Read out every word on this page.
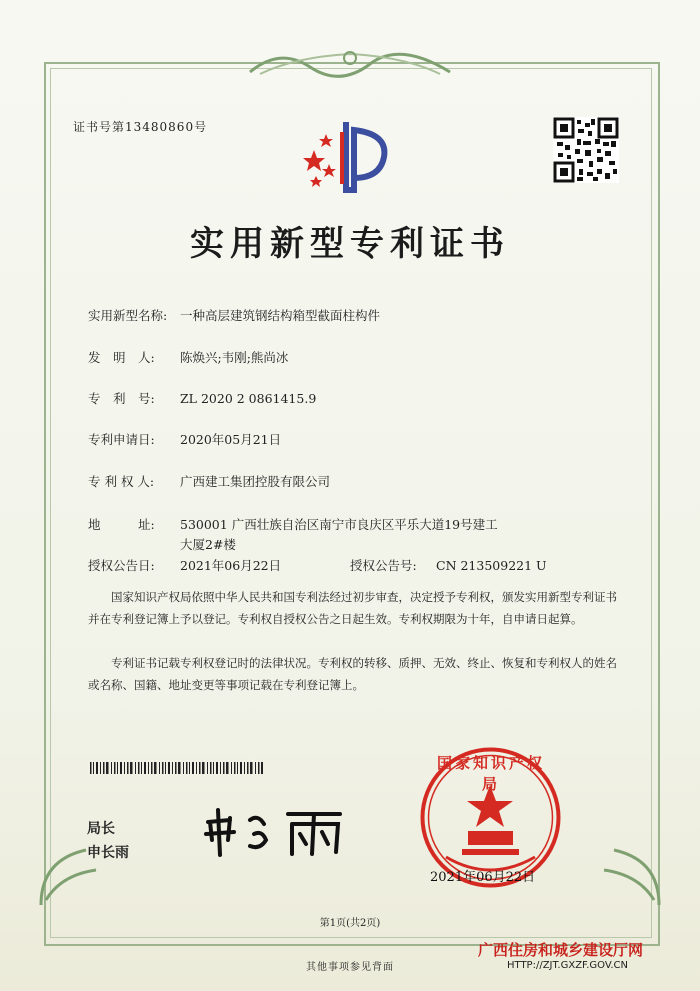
证书号第13480860号
实用新型专利证书
实用新型名称: 一种高层建筑钢结构箱型截面柱构件
发　明　人: 陈焕兴;韦刚;熊尚冰
专　利　号: ZL 2020 2 0861415.9
专利申请日: 2020年05月21日
专 利 权 人: 广西建工集团控股有限公司
地　　　址: 530001 广西壮族自治区南宁市良庆区平乐大道19号建工
大厦2#楼
授权公告日: 2021年06月22日	授权公告号: CN 213509221 U
国家知识产权局依照中华人民共和国专利法经过初步审查，决定授予专利权，颁发实用新型专利证书并在专利登记簿上予以登记。专利权自授权公告之日起生效。专利权期限为十年，自申请日起算。
专利证书记载专利权登记时的法律状况。专利权的转移、质押、无效、终止、恢复和专利权人的姓名或名称、国籍、地址变更等事项记载在专利登记簿上。
局长
申长雨
国家知识产权局
2021年06月22日
第1页(共2页)
其他事项参见背面
广西住房和城乡建设厅网
HTTP://ZJT.GXZF.GOV.CN
